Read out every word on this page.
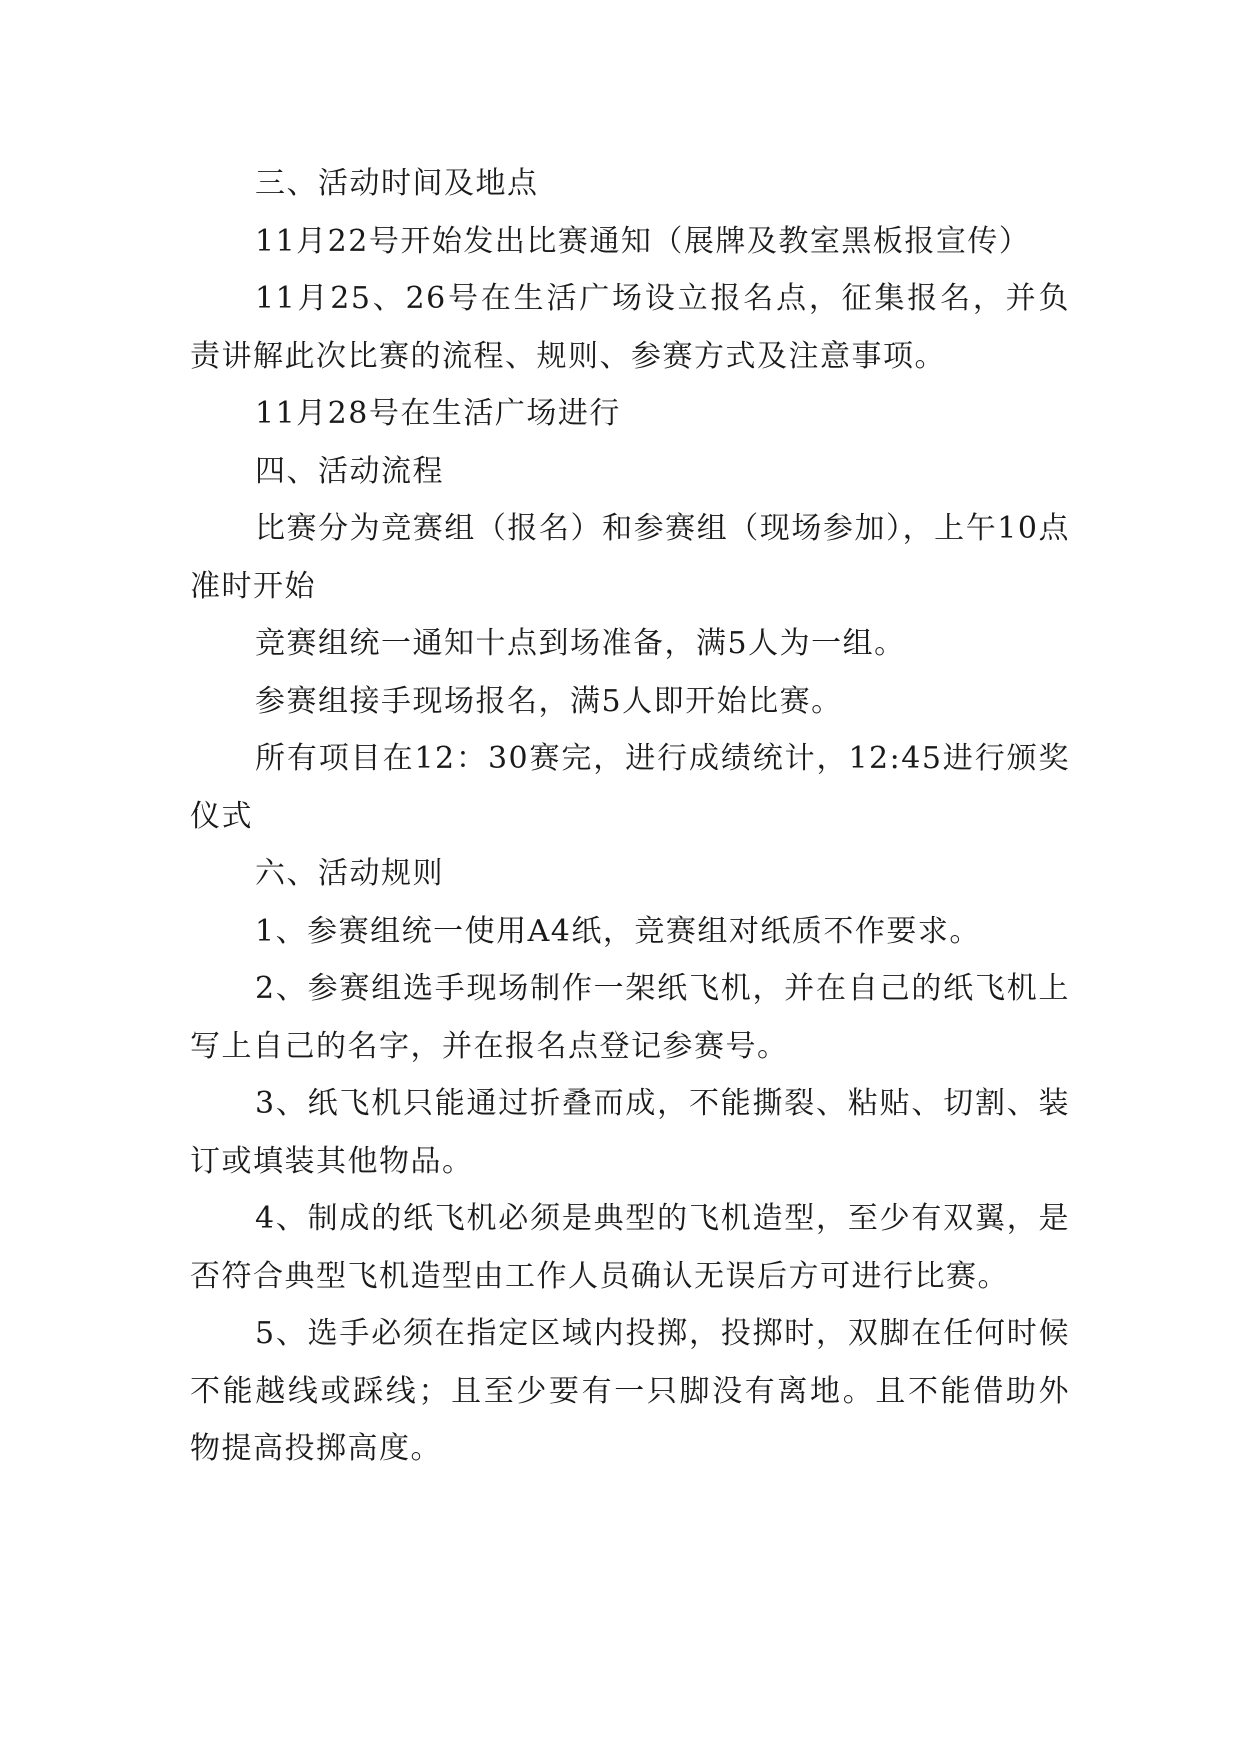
三、活动时间及地点

11月22号开始发出比赛通知（展牌及教室黑板报宣传）

11月25、26号在生活广场设立报名点，征集报名，并负责讲解此次比赛的流程、规则、参赛方式及注意事项。

11月28号在生活广场进行

四、活动流程

比赛分为竞赛组（报名）和参赛组（现场参加），上午10点准时开始

竞赛组统一通知十点到场准备，满5人为一组。

参赛组接手现场报名，满5人即开始比赛。

所有项目在12：30赛完，进行成绩统计，12:45进行颁奖仪式

六、活动规则

1、参赛组统一使用A4纸，竞赛组对纸质不作要求。

2、参赛组选手现场制作一架纸飞机，并在自己的纸飞机上写上自己的名字，并在报名点登记参赛号。

3、纸飞机只能通过折叠而成，不能撕裂、粘贴、切割、装订或填装其他物品。

4、制成的纸飞机必须是典型的飞机造型，至少有双翼，是否符合典型飞机造型由工作人员确认无误后方可进行比赛。

5、选手必须在指定区域内投掷，投掷时，双脚在任何时候不能越线或踩线；且至少要有一只脚没有离地。且不能借助外物提高投掷高度。
